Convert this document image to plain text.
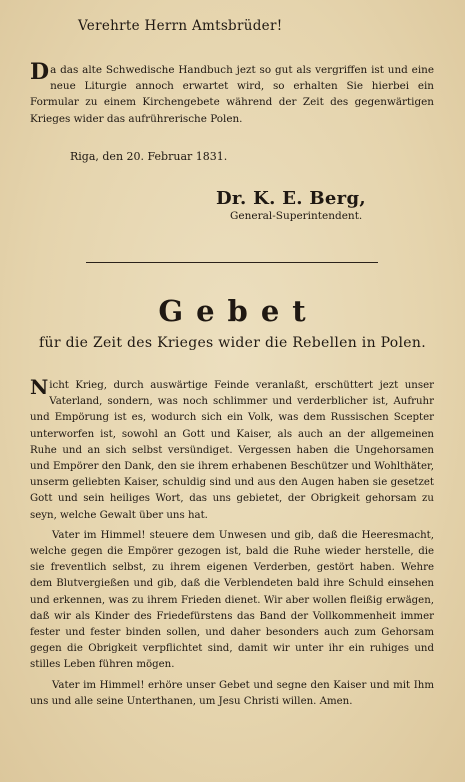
Verehrte Herrn Amtsbrüder!
Da das alte Schwedische Handbuch jezt so gut als vergriffen ist und eine neue Liturgie annoch erwartet wird, so erhalten Sie hierbei ein Formular zu einem Kirchengebete während der Zeit des gegenwärtigen Krieges wider das aufrührerische Polen.
Riga, den 20. Februar 1831.
Dr. K. E. Berg,
General-Superintendent.
Gebet
für die Zeit des Krieges wider die Rebellen in Polen.

Nicht Krieg, durch auswärtige Feinde veranlaßt, erschüttert jezt unser Vaterland, sondern, was noch schlimmer und verderblicher ist, Aufruhr und Empörung ist es, wodurch sich ein Volk, was dem Russischen Scepter unterworfen ist, sowohl an Gott und Kaiser, als auch an der allgemeinen Ruhe und an sich selbst versündiget. Vergessen haben die Ungehorsamen und Empörer den Dank, den sie ihrem erhabenen Beschützer und Wohlthäter, unserm geliebten Kaiser, schuldig sind und aus den Augen haben sie gesetzet Gott und sein heiliges Wort, das uns gebietet, der Obrigkeit gehorsam zu seyn, welche Gewalt über uns hat.

Vater im Himmel! steuere dem Unwesen und gib, daß die Heeresmacht, welche gegen die Empörer gezogen ist, bald die Ruhe wieder herstelle, die sie freventlich selbst, zu ihrem eigenen Verderben, gestört haben. Wehre dem Blutvergießen und gib, daß die Verblendeten bald ihre Schuld einsehen und erkennen, was zu ihrem Frieden dienet. Wir aber wollen fleißig erwägen, daß wir als Kinder des Friedefürstens das Band der Vollkommenheit immer fester und fester binden sollen, und daher besonders auch zum Gehorsam gegen die Obrigkeit verpflichtet sind, damit wir unter ihr ein ruhiges und stilles Leben führen mögen.

Vater im Himmel! erhöre unser Gebet und segne den Kaiser und mit Ihm uns und alle seine Unterthanen, um Jesu Christi willen. Amen.
